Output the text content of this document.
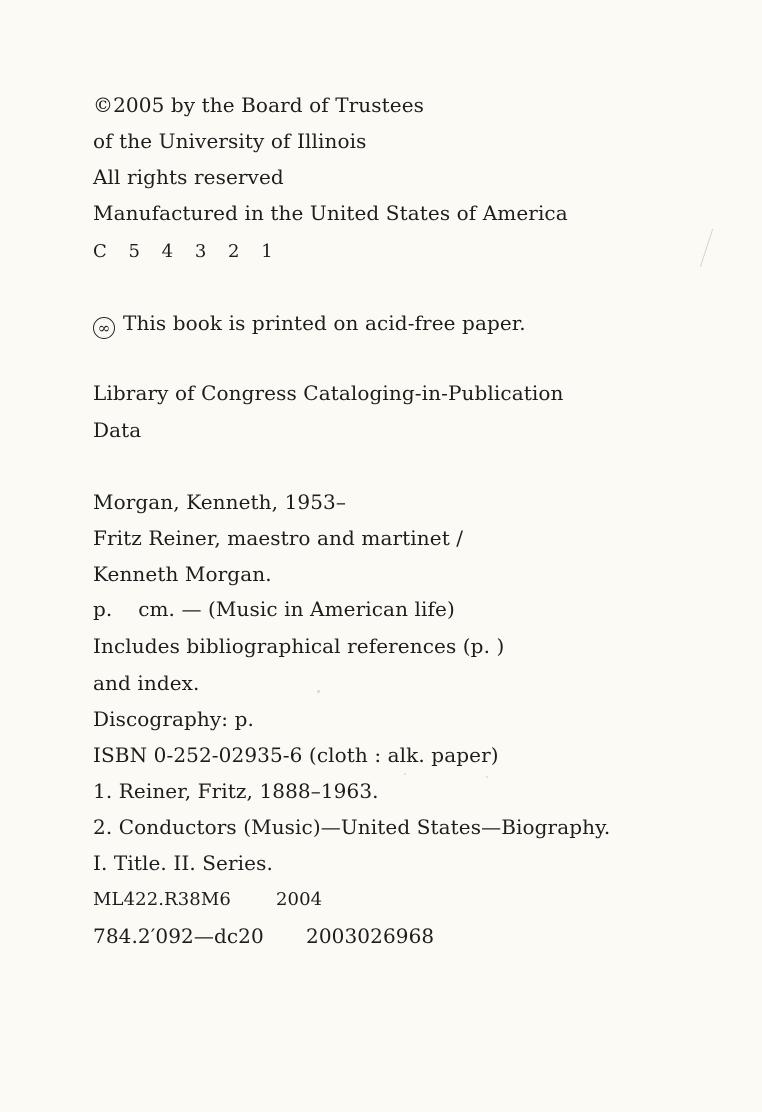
©2005 by the Board of Trustees
of the University of Illinois
All rights reserved
Manufactured in the United States of America
C 5 4 3 2 1
∞ This book is printed on acid-free paper.
Library of Congress Cataloging-in-Publication
Data
Morgan, Kenneth, 1953–
Fritz Reiner, maestro and martinet /
Kenneth Morgan.
p.    cm. — (Music in American life)
Includes bibliographical references (p. )
and index.
Discography: p.
ISBN 0-252-02935-6 (cloth : alk. paper)
1. Reiner, Fritz, 1888–1963.
2. Conductors (Music)—United States—Biography.
I. Title. II. Series.
ML422.R38M6	2004
784.2′092—dc20 2003026968
